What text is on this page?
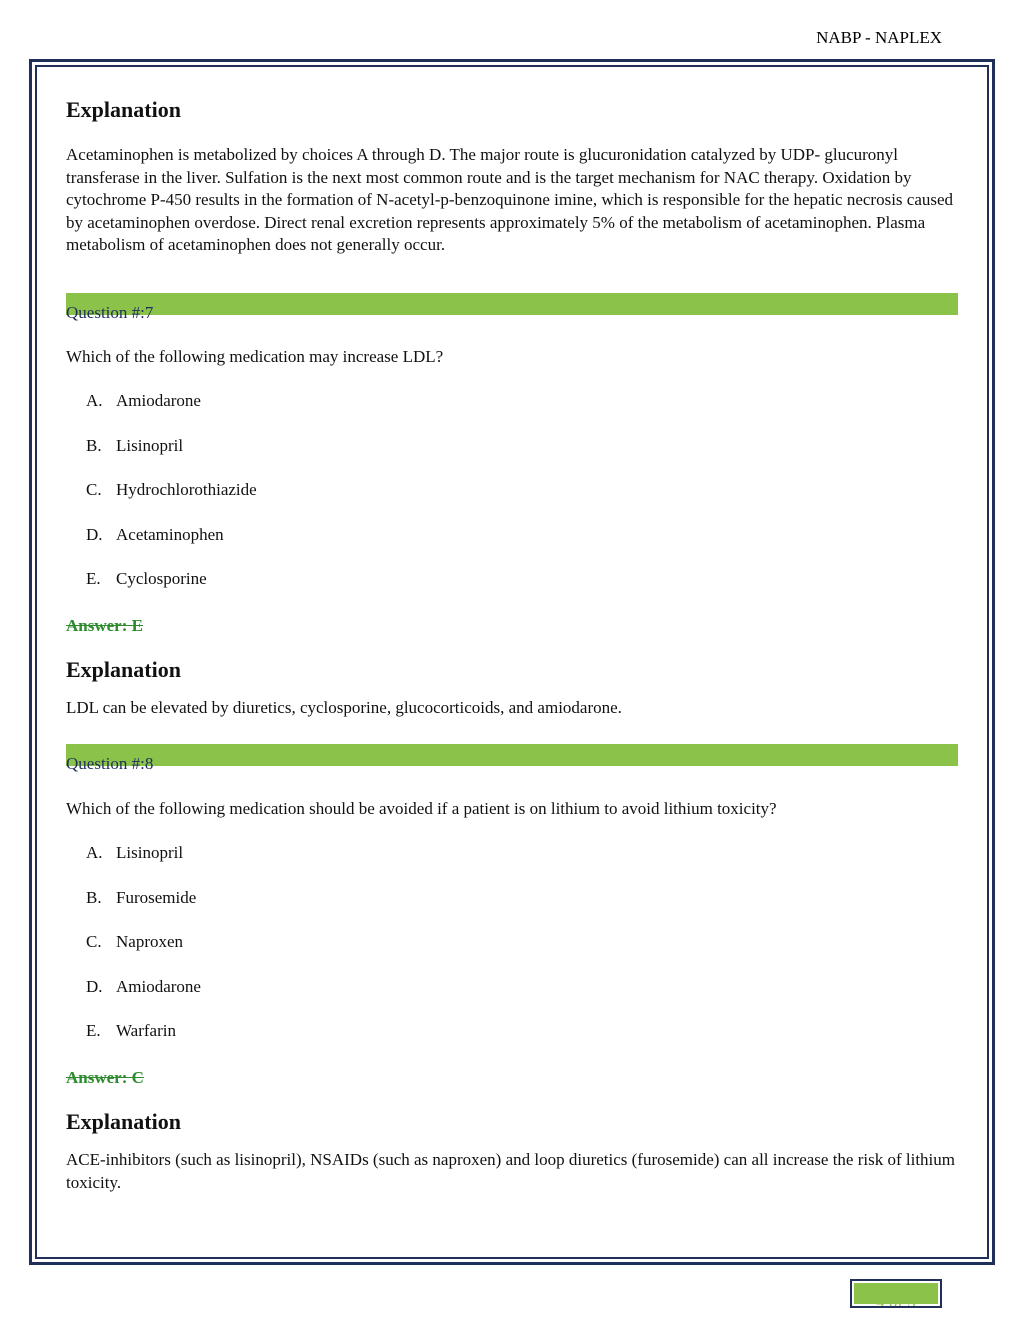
NABP - NAPLEX
Explanation

Acetaminophen is metabolized by choices A through D. The major route is glucuronidation catalyzed by UDP- glucuronyl transferase in the liver. Sulfation is the next most common route and is the target mechanism for NAC therapy. Oxidation by cytochrome P-450 results in the formation of N-acetyl-p-benzoquinone imine, which is responsible for the hepatic necrosis caused by acetaminophen overdose. Direct renal excretion represents approximately 5% of the metabolism of acetaminophen. Plasma metabolism of acetaminophen does not generally occur.

Question #:7

Which of the following medication may increase LDL?

A. Amiodarone
B. Lisinopril
C. Hydrochlorothiazide
D. Acetaminophen
E. Cyclosporine
Answer: E
Explanation

LDL can be elevated by diuretics, cyclosporine, glucocorticoids, and amiodarone.

Question #:8

Which of the following medication should be avoided if a patient is on lithium to avoid lithium toxicity?

A. Lisinopril
B. Furosemide
C. Naproxen
D. Amiodarone
E. Warfarin
Answer: C
Explanation

ACE-inhibitors (such as lisinopril), NSAIDs (such as naproxen) and loop diuretics (furosemide) can all increase the risk of lithium toxicity.

4 of 5
